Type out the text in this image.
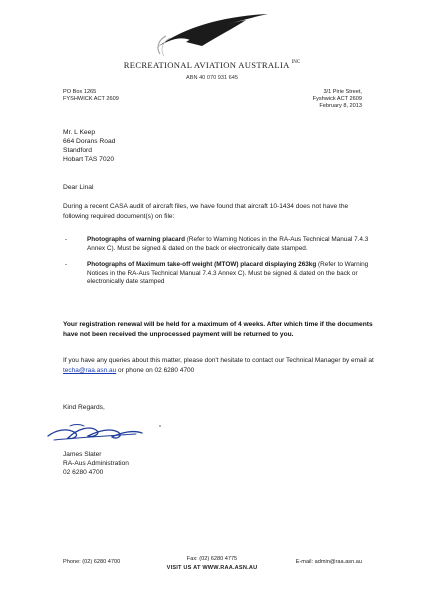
RECREATIONAL AVIATION AUSTRALIA $^{INC}$
ABN 40 070 931 645
PO Box 1265
FYSHWICK ACT 2609
3/1 Pirie Street,
Fyshwick ACT 2609
February 8, 2013
Mr. L Keep
664 Dorans Road
Standford
Hobart TAS 7020
Dear Linal
During a recent CASA audit of aircraft files, we have found that aircraft 10-1434 does not have the following required document(s) on file:
-	Photographs of warning placard (Refer to Warning Notices in the RA-Aus Technical Manual 7.4.3 Annex C). Must be signed & dated on the back or electronically date stamped.
-	Photographs of Maximum take-off weight (MTOW) placard displaying 263kg (Refer to Warning Notices in the RA-Aus Technical Manual 7.4.3 Annex C). Must be signed & dated on the back or electronically date stamped
Your registration renewal will be held for a maximum of 4 weeks. After which time if the documents have not been received the unprocessed payment will be returned to you.
If you have any queries about this matter, please don't hesitate to contact our Technical Manager by email at techa@raa.asn.au or phone on 02 6280 4700
Kind Regards,
James Slater
RA-Aus Administration
02 6280 4700
Phone: (02) 6280 4700	Fax: (02) 6280 4775	E-mail: admin@raa.asn.au
VISIT US AT WWW.RAA.ASN.AU
